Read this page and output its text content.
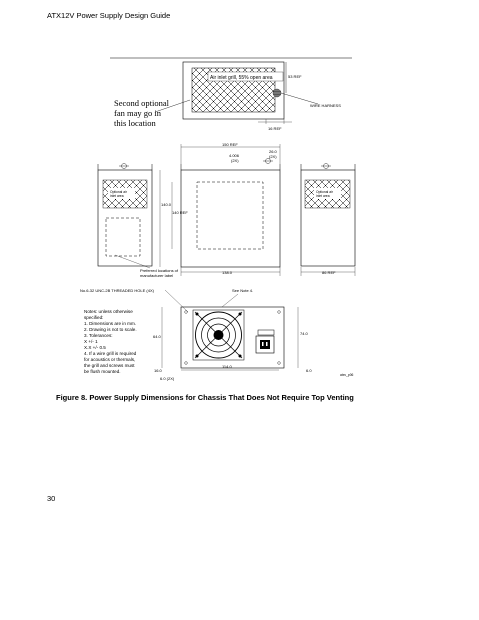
ATX12V Power Supply Design Guide
Air inlet grill, 55% open area
WIRE HARNESS
53 REF
16 REF
Second optional
fan may go in
this location
Optional air
inlet area
150 REF
26.0
(2X)
4.006
(2X)
140.0
140 REF
Optional air
inlet area
Preferred locations of
manufacturer label
138.0	86 REF
No.6-32 UNC-2B THREADED HOLE (4X)	See Note 4.
64.0
74.0
114.0
16.0
6.0 (2X)
6.0
atxv_p06
Notes: unless otherwise
specified:
1. Dimensions are in mm.
2. Drawing is not to scale.
3. Tolerances:
X +/- 1
X.X +/- 0.5
4. If a wire grill is required
for acoustics or thermals,
the grill and screws must
be flush mounted.
Figure 8. Power Supply Dimensions for Chassis That Does Not Require Top Venting
30
